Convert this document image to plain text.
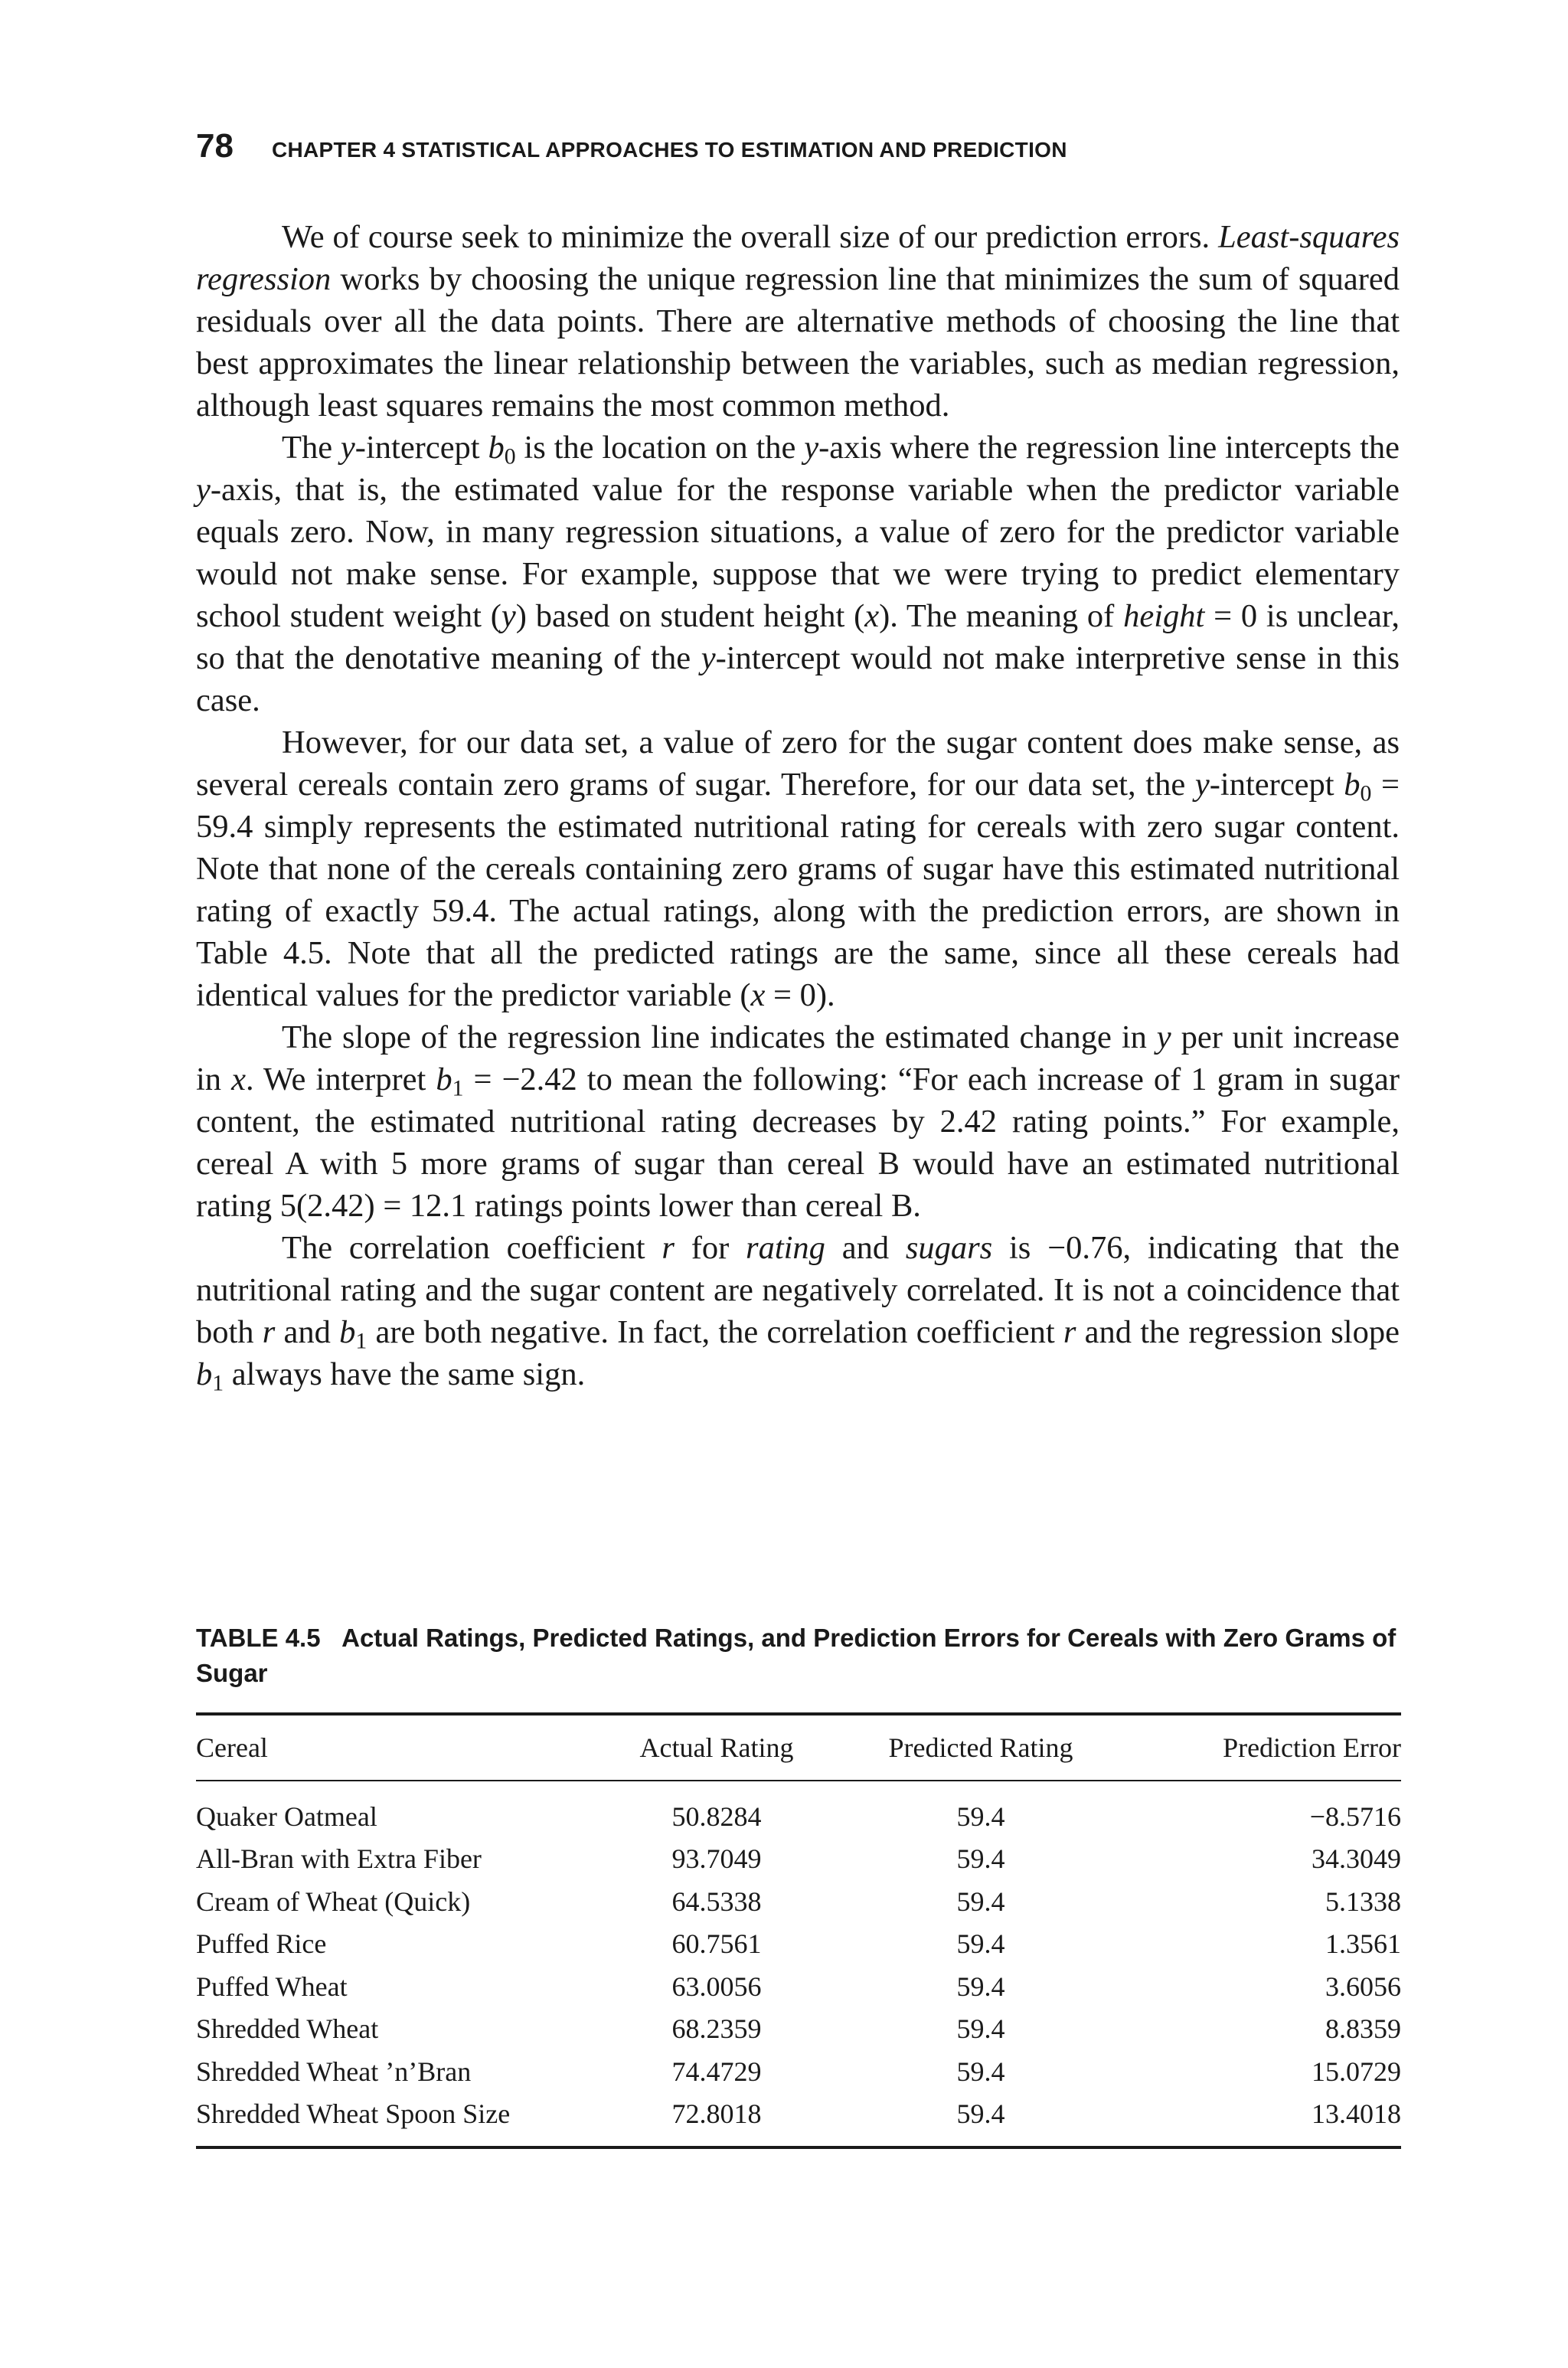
78 CHAPTER 4 STATISTICAL APPROACHES TO ESTIMATION AND PREDICTION

We of course seek to minimize the overall size of our prediction errors. Least-squares regression works by choosing the unique regression line that minimizes the sum of squared residuals over all the data points. There are alternative methods of choosing the line that best approximates the linear relationship between the variables, such as median regression, although least squares remains the most common method.

The y-intercept $b_0$ is the location on the y-axis where the regression line intercepts the y-axis, that is, the estimated value for the response variable when the predictor variable equals zero. Now, in many regression situations, a value of zero for the predictor variable would not make sense. For example, suppose that we were trying to predict elementary school student weight (y) based on student height (x). The meaning of height = 0 is unclear, so that the denotative meaning of the y-intercept would not make interpretive sense in this case.

However, for our data set, a value of zero for the sugar content does make sense, as several cereals contain zero grams of sugar. Therefore, for our data set, the y-intercept $b_0 = 59.4$ simply represents the estimated nutritional rating for cereals with zero sugar content. Note that none of the cereals containing zero grams of sugar have this estimated nutritional rating of exactly 59.4. The actual ratings, along with the prediction errors, are shown in Table 4.5. Note that all the predicted ratings are the same, since all these cereals had identical values for the predictor variable (x = 0).

The slope of the regression line indicates the estimated change in y per unit increase in x. We interpret $b_1 = -2.42$ to mean the following: “For each increase of 1 gram in sugar content, the estimated nutritional rating decreases by 2.42 rating points.” For example, cereal A with 5 more grams of sugar than cereal B would have an estimated nutritional rating 5(2.42) = 12.1 ratings points lower than cereal B.

The correlation coefficient r for rating and sugars is −0.76, indicating that the nutritional rating and the sugar content are negatively correlated. It is not a coincidence that both r and $b_1$ are both negative. In fact, the correlation coefficient r and the regression slope $b_1$ always have the same sign.

TABLE 4.5 Actual Ratings, Predicted Ratings, and Prediction Errors for Cereals with Zero Grams of Sugar
Cereal	Actual Rating	Predicted Rating	Prediction Error
Quaker Oatmeal	50.8284	59.4	−8.5716
All-Bran with Extra Fiber	93.7049	59.4	34.3049
Cream of Wheat (Quick)	64.5338	59.4	5.1338
Puffed Rice	60.7561	59.4	1.3561
Puffed Wheat	63.0056	59.4	3.6056
Shredded Wheat	68.2359	59.4	8.8359
Shredded Wheat ’n’Bran	74.4729	59.4	15.0729
Shredded Wheat Spoon Size	72.8018	59.4	13.4018
